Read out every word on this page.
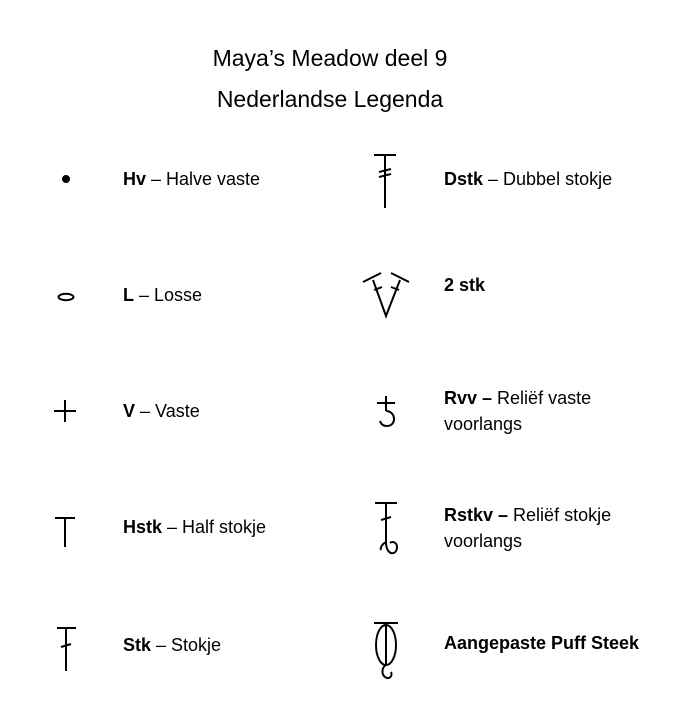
Maya’s Meadow deel 9
Nederlandse Legenda
Hv – Halve vaste
L – Losse
V – Vaste
Hstk – Half stokje
Stk – Stokje
Dstk – Dubbel stokje
2 stk
Rvv – Reliëf vaste
voorlangs
Rstkv – Reliëf stokje
voorlangs
Aangepaste Puff Steek
